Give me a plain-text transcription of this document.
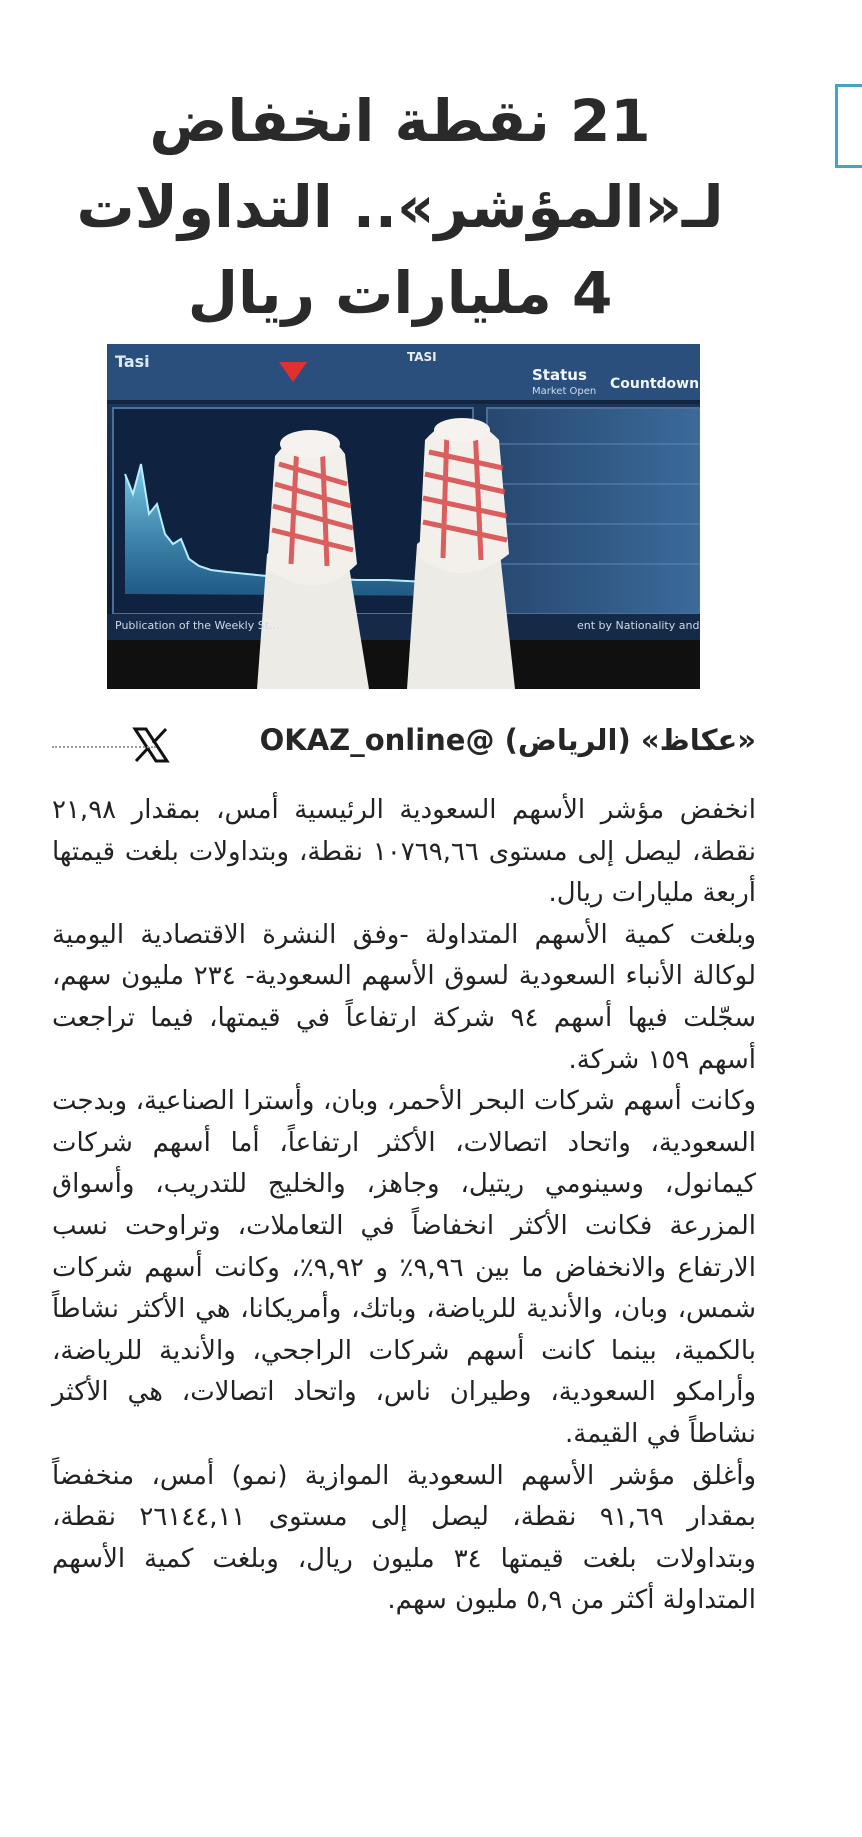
21 نقطة انخفاض
لـ«المؤشر».. التداولات
4 مليارات ريال
Tasi
Publication of the Weekly St...
TASI
Status Countdown
Market Open
ent by Nationality and
«عكاظ» (الرياض) @OKAZ_online

انخفض مؤشر الأسهم السعودية الرئيسية أمس، بمقدار ٢١,٩٨ نقطة، ليصل إلى مستوى ١٠٧٦٩,٦٦ نقطة، وبتداولات بلغت قيمتها أربعة مليارات ريال.

وبلغت كمية الأسهم المتداولة -وفق النشرة الاقتصادية اليومية لوكالة الأنباء السعودية لسوق الأسهم السعودية- ٢٣٤ مليون سهم، سجّلت فيها أسهم ٩٤ شركة ارتفاعاً في قيمتها، فيما تراجعت أسهم ١٥٩ شركة.

وكانت أسهم شركات البحر الأحمر، وبان، وأسترا الصناعية، وبدجت السعودية، واتحاد اتصالات، الأكثر ارتفاعاً، أما أسهم شركات كيمانول، وسينومي ريتيل، وجاهز، والخليج للتدريب، وأسواق المزرعة فكانت الأكثر انخفاضاً في التعاملات، وتراوحت نسب الارتفاع والانخفاض ما بين ٩,٩٦٪ و ٩,٩٢٪، وكانت أسهم شركات شمس، وبان، والأندية للرياضة، وباتك، وأمريكانا، هي الأكثر نشاطاً بالكمية، بينما كانت أسهم شركات الراجحي، والأندية للرياضة، وأرامكو السعودية، وطيران ناس، واتحاد اتصالات، هي الأكثر نشاطاً في القيمة.

وأغلق مؤشر الأسهم السعودية الموازية (نمو) أمس، منخفضاً بمقدار ٩١,٦٩ نقطة، ليصل إلى مستوى ٢٦١٤٤,١١ نقطة، وبتداولات بلغت قيمتها ٣٤ مليون ريال، وبلغت كمية الأسهم المتداولة أكثر من ٥,٩ مليون سهم.
